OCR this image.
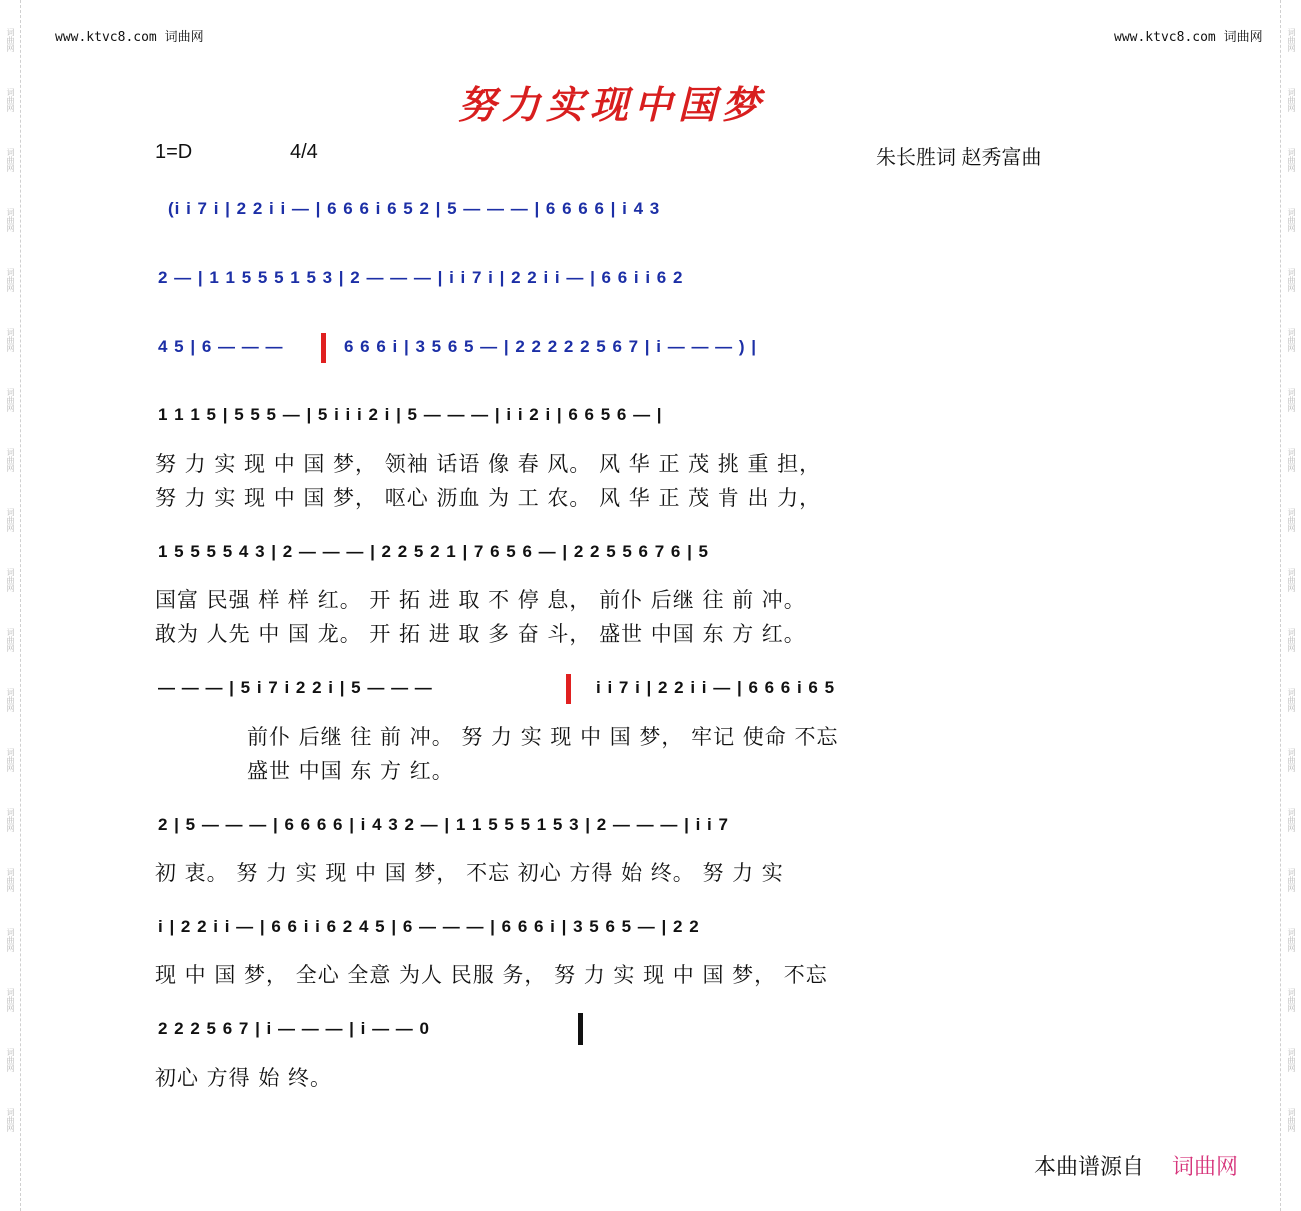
词曲网
词曲网
词曲网
词曲网
词曲网
词曲网
词曲网
词曲网
词曲网
词曲网
词曲网
词曲网
词曲网
词曲网
词曲网
词曲网
词曲网
词曲网
词曲网
词曲网
词曲网
词曲网
词曲网
词曲网
词曲网
词曲网
词曲网
词曲网
词曲网
词曲网
词曲网
词曲网
词曲网
词曲网
词曲网
词曲网
词曲网
词曲网
www.ktvc8.com 词曲网	www.ktvc8.com 词曲网
努力实现中国梦
1=D	4/4	朱长胜词 赵秀富曲
(i i 7 i | 2 2 i i — | 6 6 6 i 6 5 2 | 5 — — — | 6 6 6 6 | i 4 3
2 — | 1 1 5 5 5 1 5 3 | 2 — — — | i i 7 i | 2 2 i i — | 6 6 i i 6 2
4 5 | 6 — — —	6 6 6 i | 3 5 6 5 — | 2 2 2 2 2 5 6 7 | i — — — ) |
1 1 1 5 | 5 5 5 — | 5 i i i 2 i | 5 — — — | i i 2 i | 6 6 5 6 — |
努 力 实 现 中 国 梦， 领袖 话语 像 春 风。 风 华 正 茂 挑 重 担，
努 力 实 现 中 国 梦， 呕心 沥血 为 工 农。 风 华 正 茂 肯 出 力，
1 5 5 5 5 4 3 | 2 — — — | 2 2 5 2 1 | 7 6 5 6 — | 2 2 5 5 6 7 6 | 5
国富 民强 样 样 红。 开 拓 进 取 不 停 息， 前仆 后继 往 前 冲。
敢为 人先 中 国 龙。 开 拓 进 取 多 奋 斗， 盛世 中国 东 方 红。
— — — | 5 i 7 i 2 2 i | 5 — — —	i i 7 i | 2 2 i i — | 6 6 6 i 6 5
前仆 后继 往 前 冲。 努 力 实 现 中 国 梦， 牢记 使命 不忘
盛世 中国 东 方 红。
2 | 5 — — — | 6 6 6 6 | i 4 3 2 — | 1 1 5 5 5 1 5 3 | 2 — — — | i i 7
初 衷。 努 力 实 现 中 国 梦， 不忘 初心 方得 始 终。 努 力 实
i | 2 2 i i — | 6 6 i i 6 2 4 5 | 6 — — — | 6 6 6 i | 3 5 6 5 — | 2 2
现 中 国 梦， 全心 全意 为人 民服 务， 努 力 实 现 中 国 梦， 不忘
2 2 2 5 6 7 | i — — — | i — — 0
初心 方得 始 终。
本曲谱源自 词曲网
